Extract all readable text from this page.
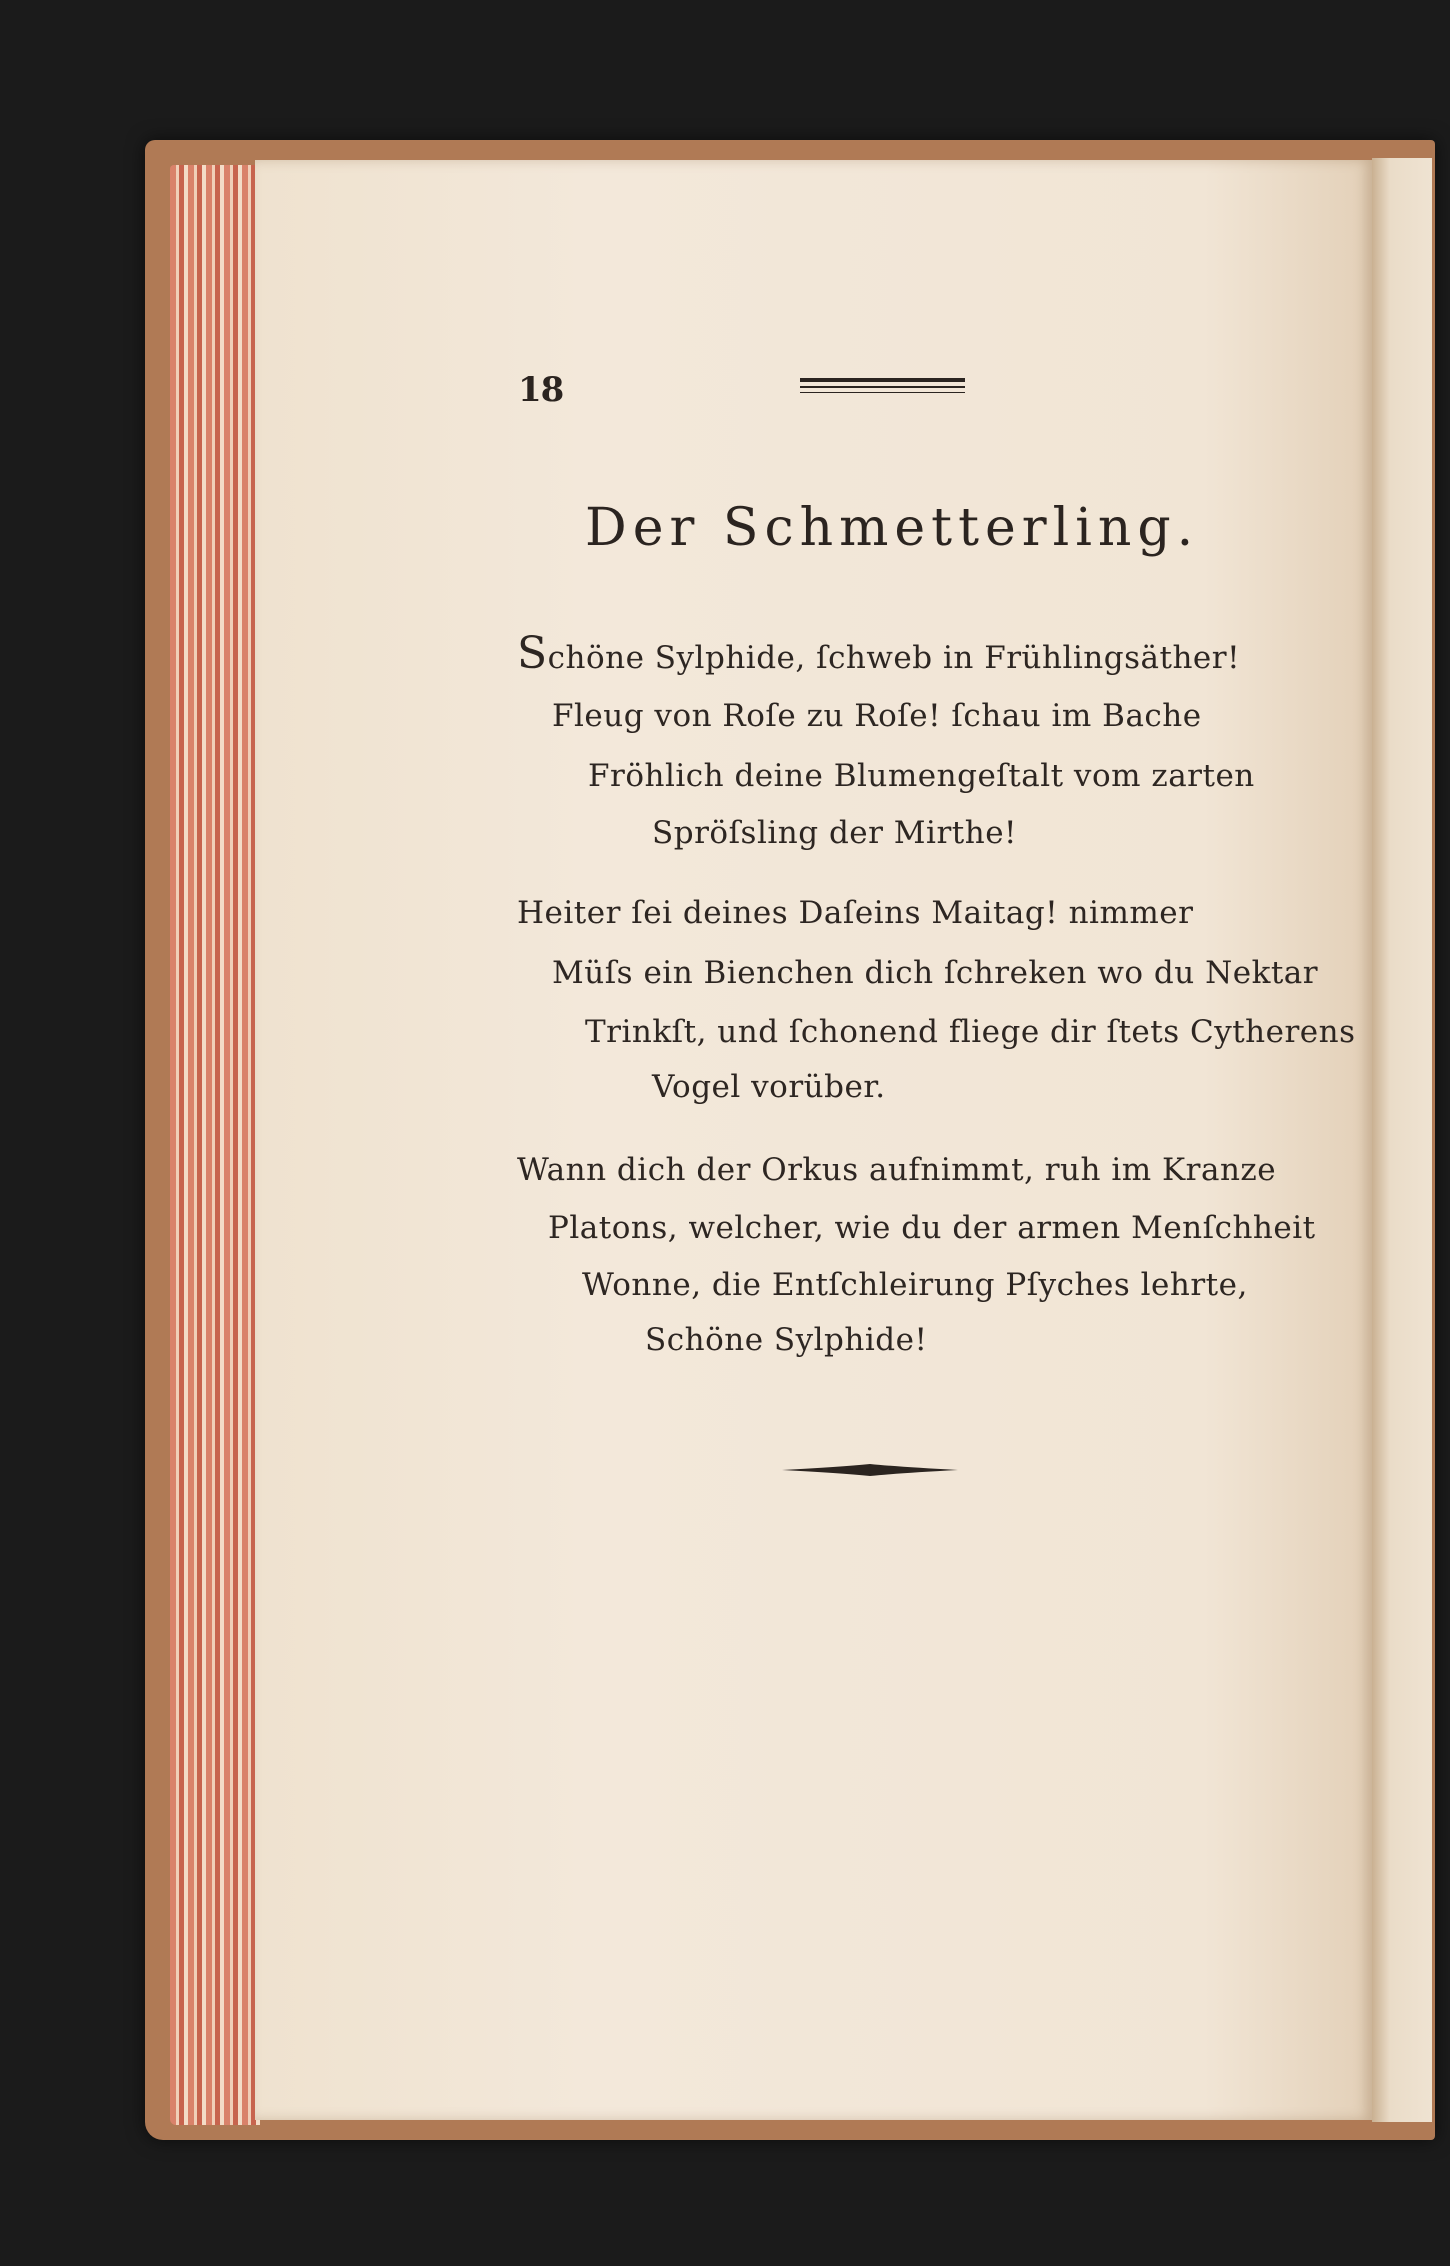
18
Der Schmetterling.
Schöne Sylphide, ſchweb in Frühlingsäther!
Fleug von Roſe zu Roſe! ſchau im Bache
Fröhlich deine Blumengeſtalt vom zarten
Spröſsling der Mirthe!
Heiter ſei deines Daſeins Maitag! nimmer
Müſs ein Bienchen dich ſchreken wo du Nektar
Trinkſt, und ſchonend fliege dir ſtets Cytherens
Vogel vorüber.
Wann dich der Orkus aufnimmt, ruh im Kranze
Platons, welcher, wie du der armen Menſchheit
Wonne, die Entſchleirung Pſyches lehrte,
Schöne Sylphide!
